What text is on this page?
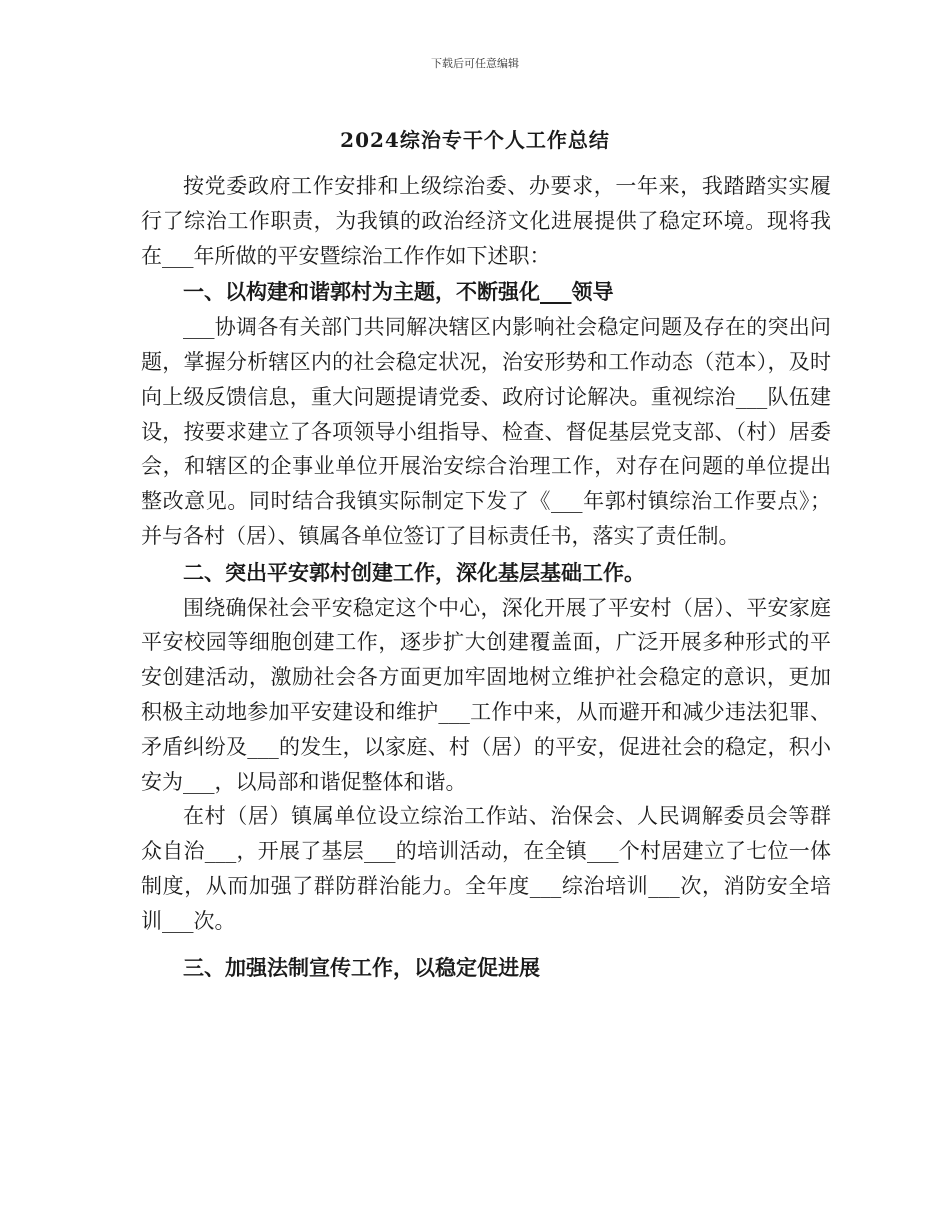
下载后可任意编辑
2024综治专干个人工作总结

按党委政府工作安排和上级综治委、办要求，一年来，我踏踏实实履行了综治工作职责，为我镇的政治经济文化进展提供了稳定环境。现将我在___年所做的平安暨综治工作作如下述职：

一、以构建和谐郭村为主题，不断强化___领导

___协调各有关部门共同解决辖区内影响社会稳定问题及存在的突出问题，掌握分析辖区内的社会稳定状况，治安形势和工作动态（范本），及时向上级反馈信息，重大问题提请党委、政府讨论解决。重视综治___队伍建设，按要求建立了各项领导小组指导、检查、督促基层党支部、（村）居委会，和辖区的企事业单位开展治安综合治理工作，对存在问题的单位提出整改意见。同时结合我镇实际制定下发了《___年郭村镇综治工作要点》；并与各村（居）、镇属各单位签订了目标责任书，落实了责任制。

二、突出平安郭村创建工作，深化基层基础工作。

围绕确保社会平安稳定这个中心，深化开展了平安村（居）、平安家庭平安校园等细胞创建工作，逐步扩大创建覆盖面，广泛开展多种形式的平安创建活动，激励社会各方面更加牢固地树立维护社会稳定的意识，更加积极主动地参加平安建设和维护___工作中来，从而避开和减少违法犯罪、矛盾纠纷及___的发生，以家庭、村（居）的平安，促进社会的稳定，积小安为___，以局部和谐促整体和谐。

在村（居）镇属单位设立综治工作站、治保会、人民调解委员会等群众自治___，开展了基层___的培训活动，在全镇___个村居建立了七位一体制度，从而加强了群防群治能力。全年度___综治培训___次，消防安全培训___次。

三、加强法制宣传工作，以稳定促进展
